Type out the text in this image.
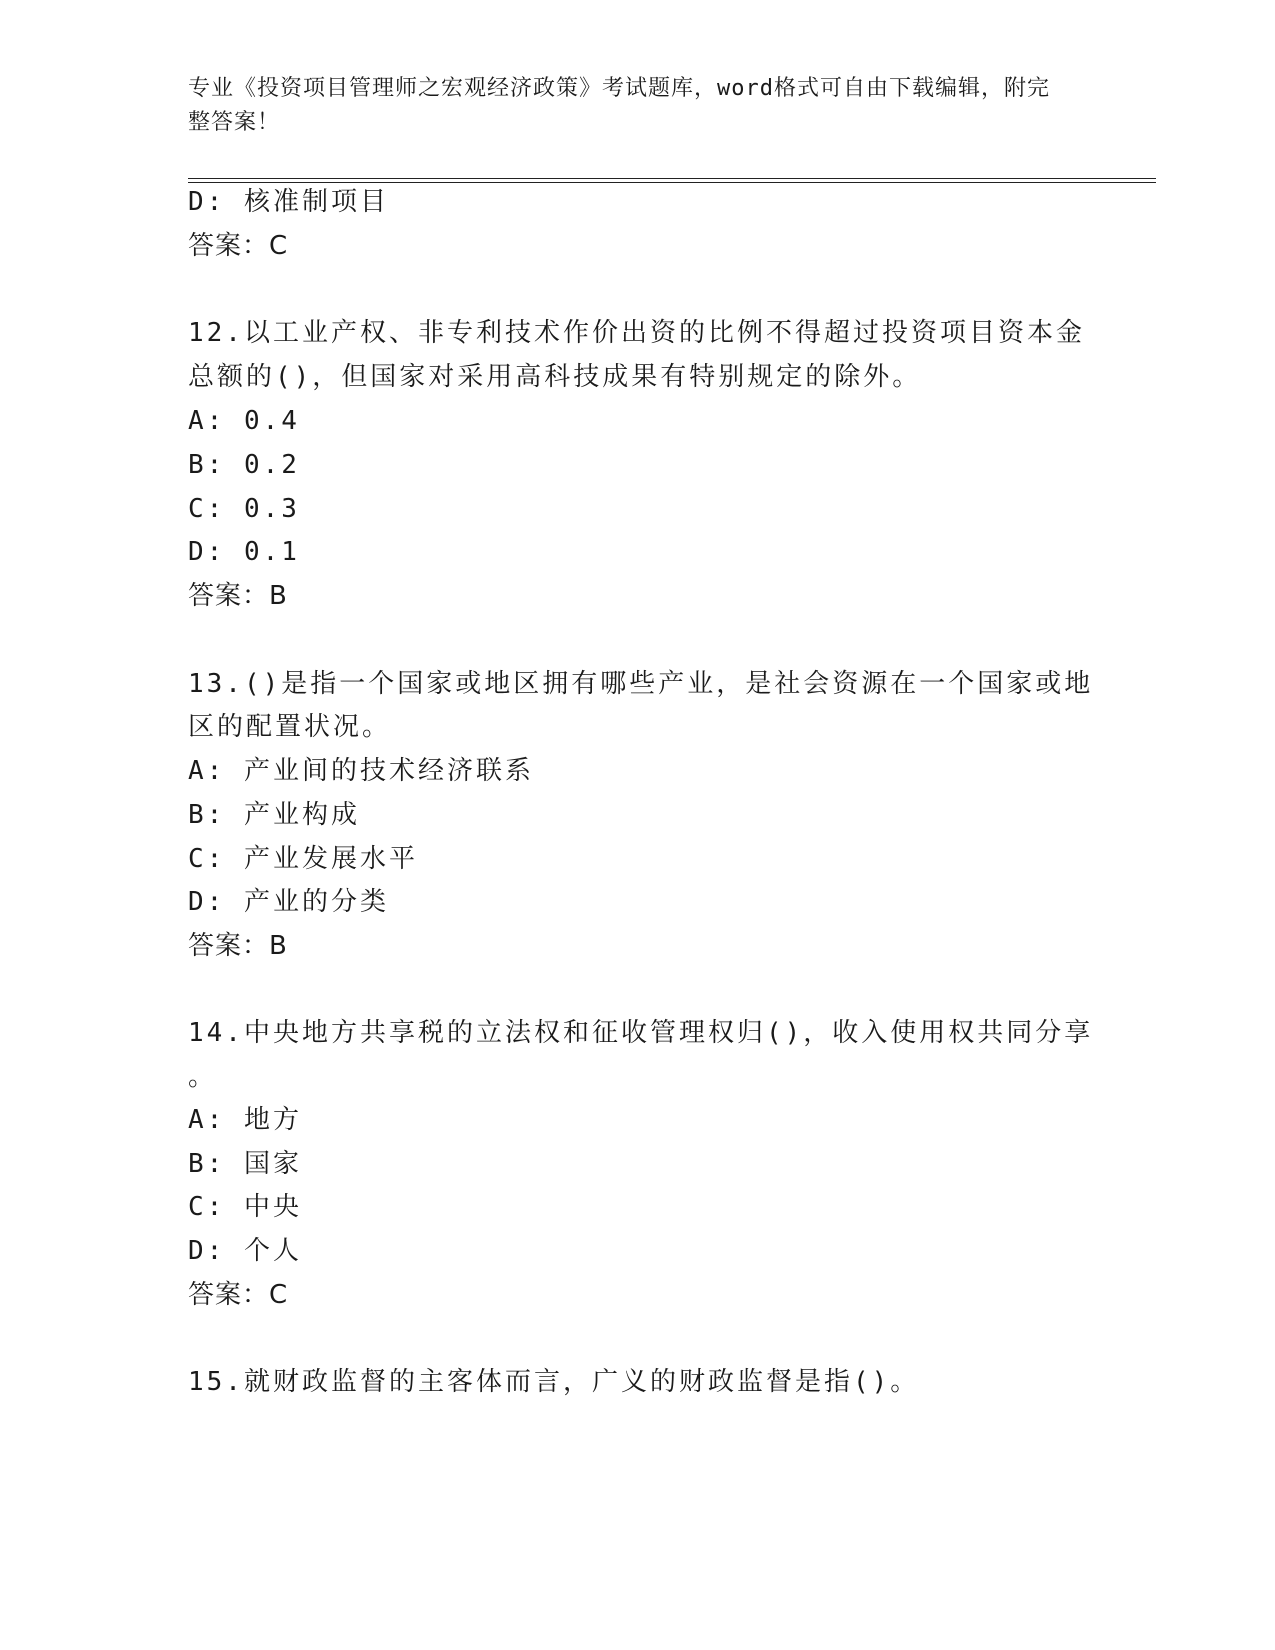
专业《投资项目管理师之宏观经济政策》考试题库，word格式可自由下载编辑，附完整答案！
D: 核准制项目
答案：C
12.以工业产权、非专利技术作价出资的比例不得超过投资项目资本金
总额的()，但国家对采用高科技成果有特别规定的除外。
A: 0.4
B: 0.2
C: 0.3
D: 0.1
答案：B
13.()是指一个国家或地区拥有哪些产业，是社会资源在一个国家或地
区的配置状况。
A: 产业间的技术经济联系
B: 产业构成
C: 产业发展水平
D: 产业的分类
答案：B
14.中央地方共享税的立法权和征收管理权归()，收入使用权共同分享
。
A: 地方
B: 国家
C: 中央
D: 个人
答案：C
15.就财政监督的主客体而言，广义的财政监督是指()。
